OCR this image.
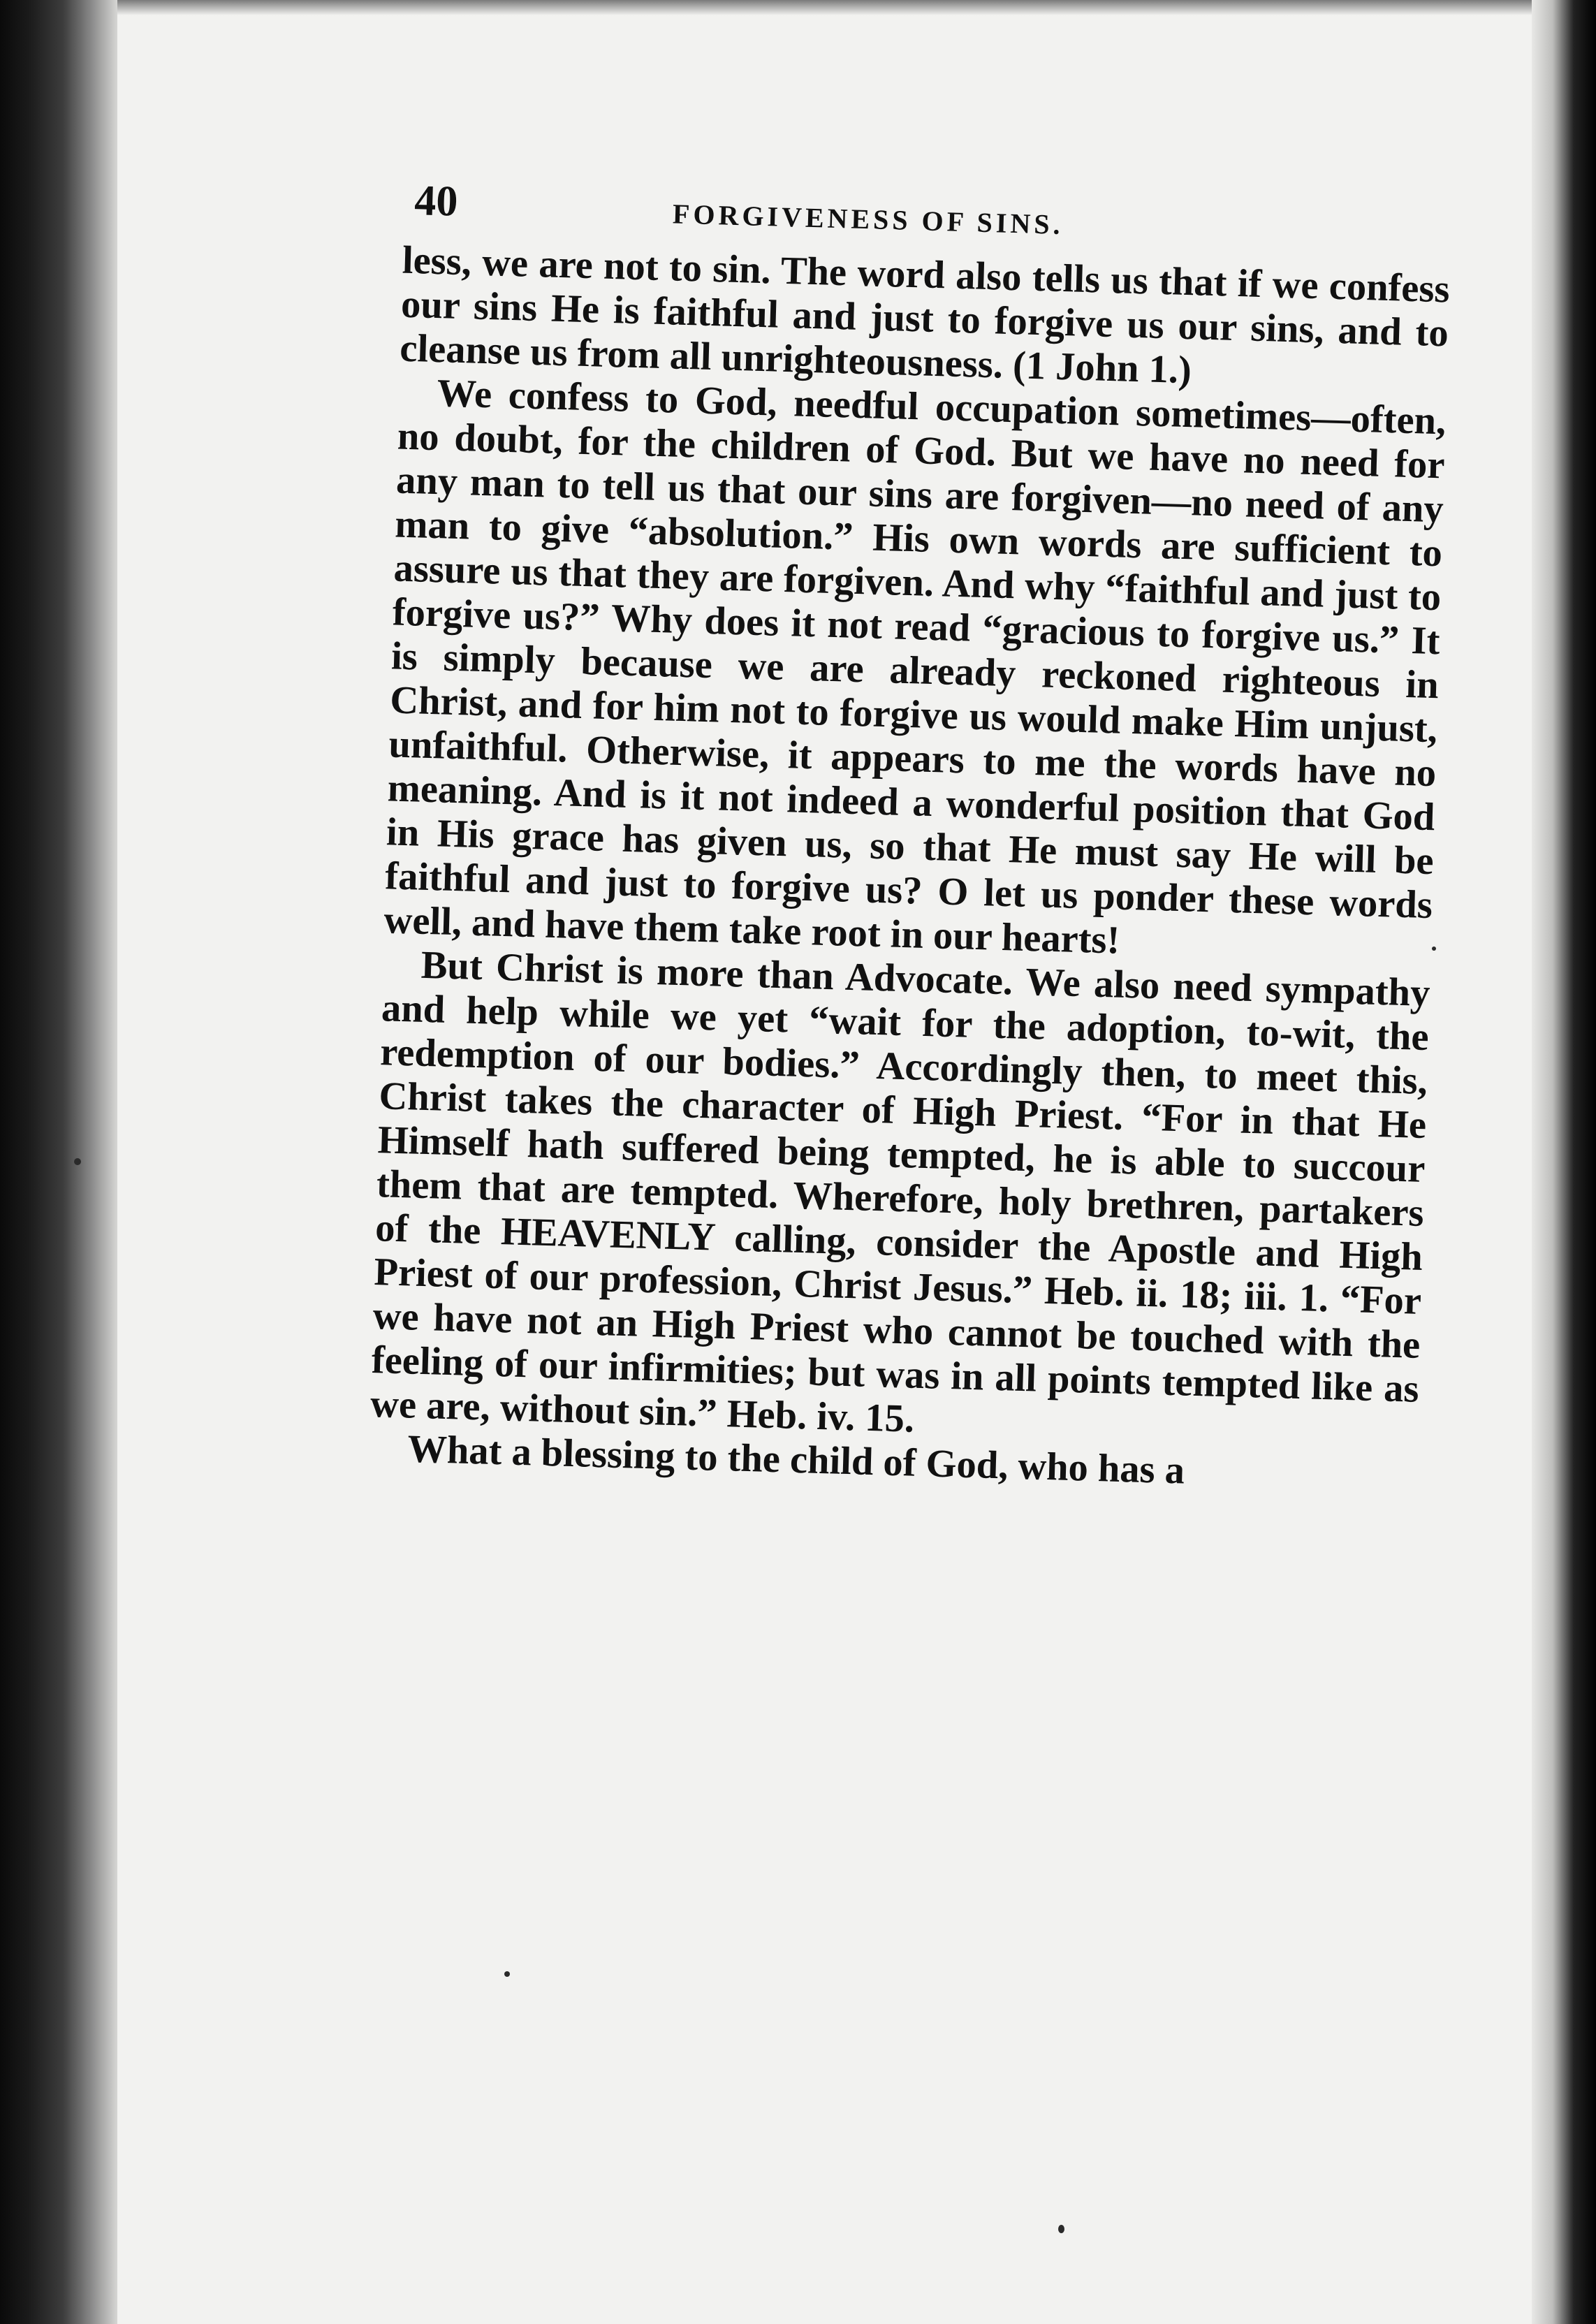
40	FORGIVENESS OF SINS.

less, we are not to sin. The word also tells us that if we confess our sins He is faithful and just to forgive us our sins, and to cleanse us from all unrighteousness. (1 John 1.)

We confess to God, needful occupation sometimes—often, no doubt, for the children of God. But we have no need for any man to tell us that our sins are forgiven—no need of any man to give “absolution.” His own words are sufficient to assure us that they are forgiven. And why “faithful and just to forgive us?” Why does it not read “gracious to forgive us.” It is simply because we are already reckoned righteous in Christ, and for him not to forgive us would make Him unjust, unfaithful. Otherwise, it appears to me the words have no meaning. And is it not indeed a wonderful position that God in His grace has given us, so that He must say He will be faithful and just to forgive us? O let us ponder these words well, and have them take root in our hearts!

But Christ is more than Advocate. We also need sympathy and help while we yet “wait for the adoption, to-wit, the redemption of our bodies.” Accordingly then, to meet this, Christ takes the character of High Priest. “For in that He Himself hath suffered being tempted, he is able to succour them that are tempted. Wherefore, holy brethren, partakers of the HEAVENLY calling, consider the Apostle and High Priest of our profession, Christ Jesus.” Heb. ii. 18; iii. 1. “For we have not an High Priest who cannot be touched with the feeling of our infirmities; but was in all points tempted like as we are, without sin.” Heb. iv. 15.

What a blessing to the child of God, who has a
